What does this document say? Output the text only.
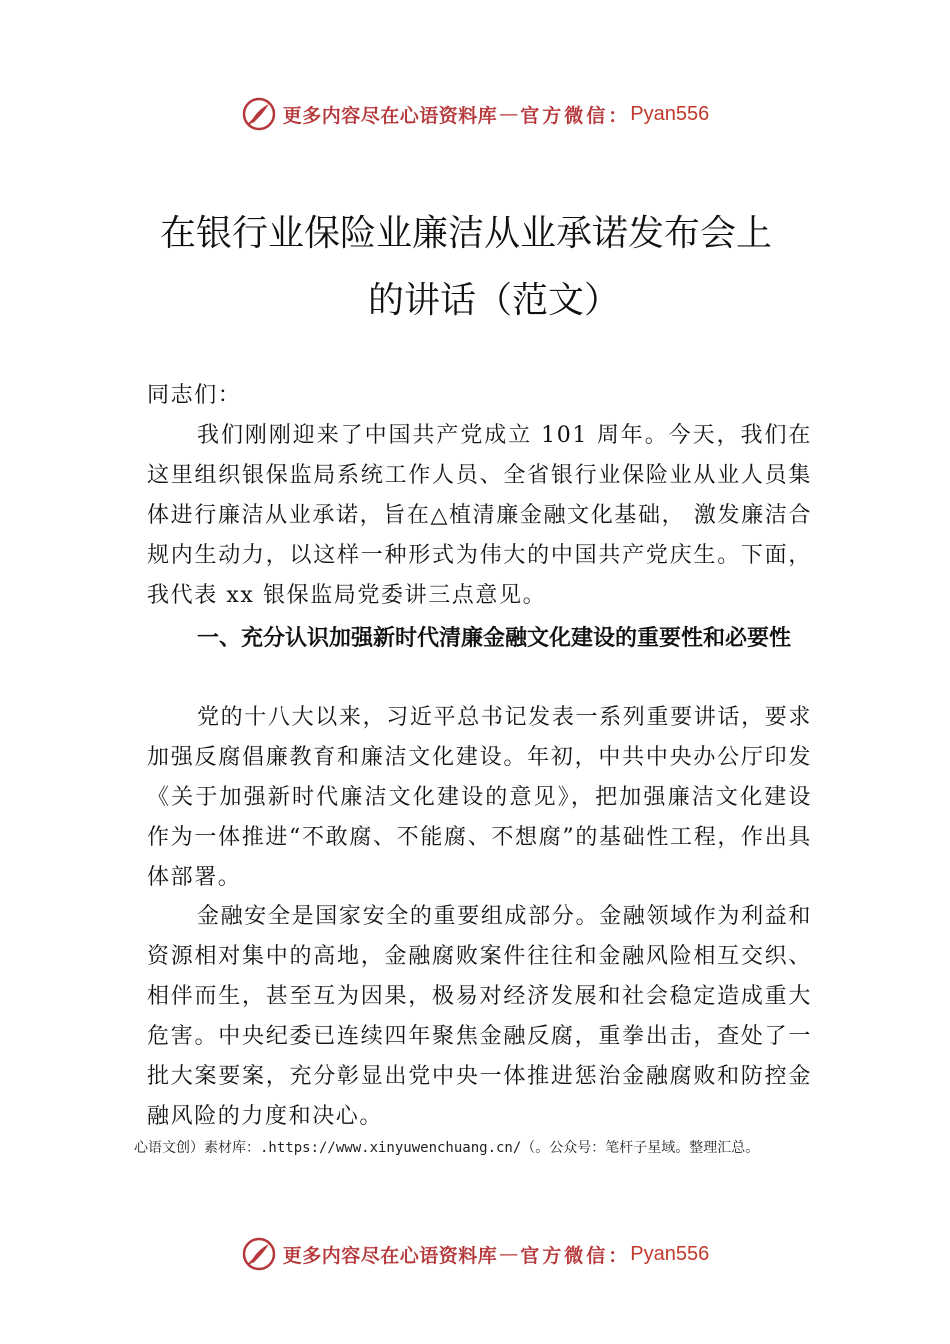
更多内容尽在心语资料库 — 官方微信： Pyan556
在银行业保险业廉洁从业承诺发布会上
的讲话（范文）

同志们：

我们刚刚迎来了中国共产党成立 101 周年。今天，我们在这里组织银保监局系统工作人员、全省银行业保险业从业人员集体进行廉洁从业承诺，旨在△植清廉金融文化基础， 激发廉洁合规内生动力，以这样一种形式为伟大的中国共产党庆生。下面，我代表 xx 银保监局党委讲三点意见。

一、充分认识加强新时代清廉金融文化建设的重要性和必要性

党的十八大以来，习近平总书记发表一系列重要讲话，要求加强反腐倡廉教育和廉洁文化建设。年初，中共中央办公厅印发《关于加强新时代廉洁文化建设的意见》，把加强廉洁文化建设作为一体推进“不敢腐、不能腐、不想腐”的基础性工程，作出具体部署。

金融安全是国家安全的重要组成部分。金融领域作为利益和资源相对集中的高地，金融腐败案件往往和金融风险相互交织、相伴而生，甚至互为因果，极易对经济发展和社会稳定造成重大危害。中央纪委已连续四年聚焦金融反腐，重拳出击，查处了一批大案要案，充分彰显出党中央一体推进惩治金融腐败和防控金融风险的力度和决心。

心语文创）素材库：.https://www.xinyuwenchuang.cn/（。公众号：笔杆子星域。整理汇总。

更多内容尽在心语资料库 — 官方微信： Pyan556
